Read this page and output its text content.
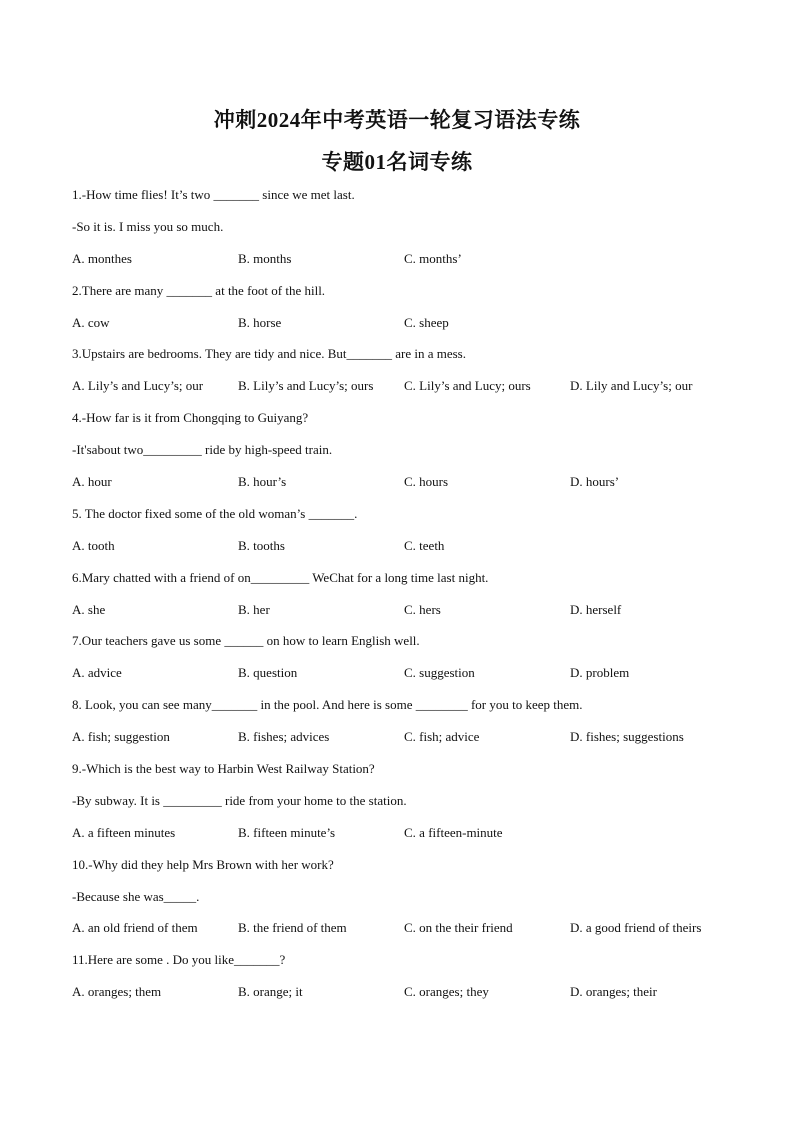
冲刺2024年中考英语一轮复习语法专练
专题01名词专练
1.-How time flies! It’s two _______ since we met last.
-So it is. I miss you so much.
A. monthes	B. months	C. months’
2.There are many _______ at the foot of the hill.
A. cow	B. horse	C. sheep
3.Upstairs are bedrooms. They are tidy and nice. But_______ are in a mess.
A. Lily’s and Lucy’s; our	B. Lily’s and Lucy’s; ours C. Lily’s and Lucy; ours	D. Lily and Lucy’s; our
4.-How far is it from Chongqing to Guiyang?
-It'sabout two_________ ride by high-speed train.
A. hour	B. hour’s	C. hours	D. hours’
5. The doctor fixed some of the old woman’s _______.
A. tooth	B. tooths	C. teeth
6.Mary chatted with a friend of on_________ WeChat for a long time last night.
A. she	B. her	C. hers	D. herself
7.Our teachers gave us some ______ on how to learn English well.
A. advice	B. question	C. suggestion	D. problem
8. Look, you can see many_______ in the pool. And here is some ________ for you to keep them.
A. fish; suggestion	B. fishes; advices	C. fish; advice	D. fishes; suggestions
9.-Which is the best way to Harbin West Railway Station?
-By subway. It is _________ ride from your home to the station.
A. a fifteen minutes	B. fifteen minute’s	C. a fifteen-minute
10.-Why did they help Mrs Brown with her work?
-Because she was_____.
A. an old friend of them	B. the friend of them	C. on the their friend	D. a good friend of theirs
11.Here are some . Do you like_______?
A. oranges; them	B. orange; it	C. oranges; they	D. oranges; their
